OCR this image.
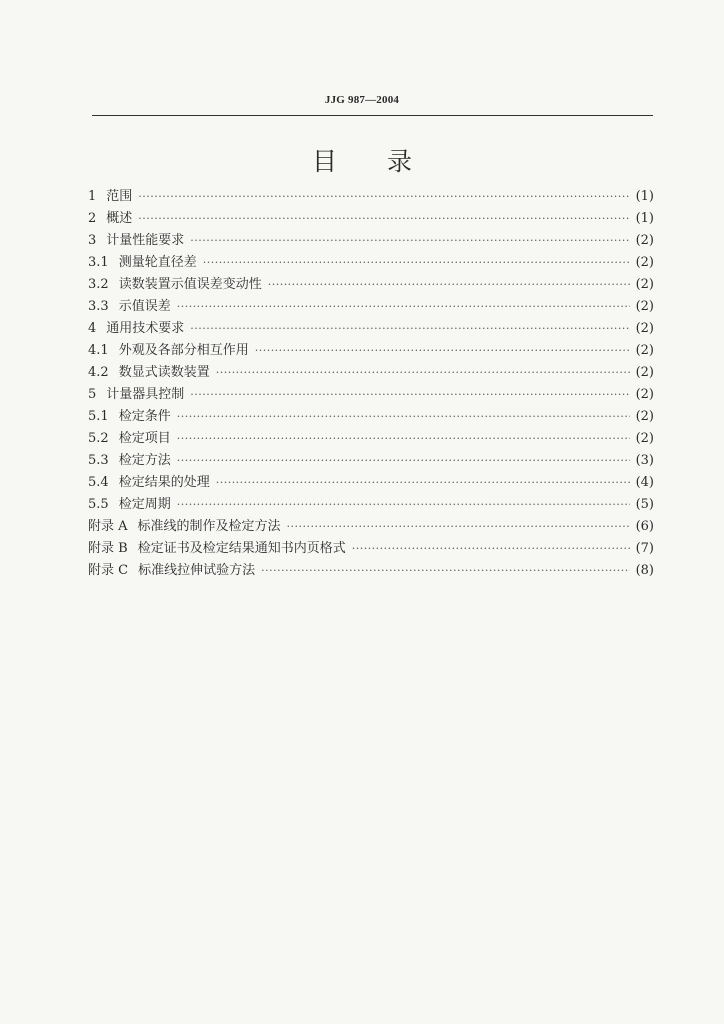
JJG 987—2004
目 录
1 范围 ·····	(1)
2 概述 ·····	(1)
3 计量性能要求 ·····	(2)
3.1 测量轮直径差 ·····	(2)
3.2 读数装置示值误差变动性 ·····	(2)
3.3 示值误差 ·····	(2)
4 通用技术要求 ·····	(2)
4.1 外观及各部分相互作用 ·····	(2)
4.2 数显式读数装置 ·····	(2)
5 计量器具控制 ·····	(2)
5.1 检定条件 ·····	(2)
5.2 检定项目 ·····	(2)
5.3 检定方法 ·····	(3)
5.4 检定结果的处理 ·····	(4)
5.5 检定周期 ·····	(5)
附录 A 标准线的制作及检定方法 ·····	(6)
附录 B 检定证书及检定结果通知书内页格式 ·····	(7)
附录 C 标准线拉伸试验方法 ·····	(8)
